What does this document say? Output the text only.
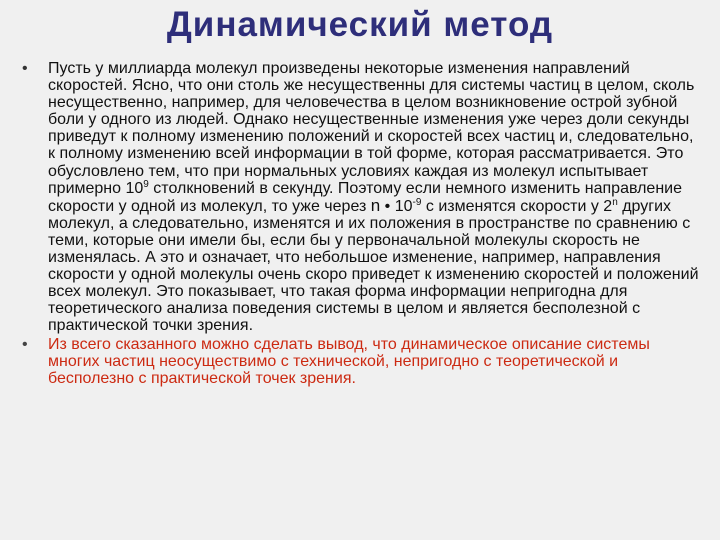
Динамический метод
•	Пусть у миллиарда молекул произведены некоторые изменения направлений скоростей. Ясно, что они столь же несущественны для системы частиц в целом, сколь несущественно, например, для человечества в целом возникновение острой зубной боли у одного из людей. Однако несущественные изменения уже через доли секунды приведут к полному изменению положений и скоростей всех частиц и, следовательно, к полному изменению всей информации в той форме, которая рассматривается. Это обусловлено тем, что при нормальных условиях каждая из молекул испытывает примерно $10^9$ столкновений в секунду. Поэтому если немного изменить направление скорости у одной из молекул, то уже через n • $10^{-9}$ с изменятся скорости у 2$^n$ других молекул, а следовательно, изменятся и их положения в пространстве по сравнению с теми, которые они имели бы, если бы у первоначальной молекулы скорость не изменялась. А это и означает, что небольшое изменение, например, направления скорости у одной молекулы очень скоро приведет к изменению скоростей и положений всех молекул. Это показывает, что такая форма информации непригодна для теоретического анализа поведения системы в целом и является бесполезной с практической точки зрения.
•	Из всего сказанного можно сделать вывод, что динамическое описание системы многих частиц неосуществимо с технической, непригодно с теоретической и бесполезно с практической точек зрения.
